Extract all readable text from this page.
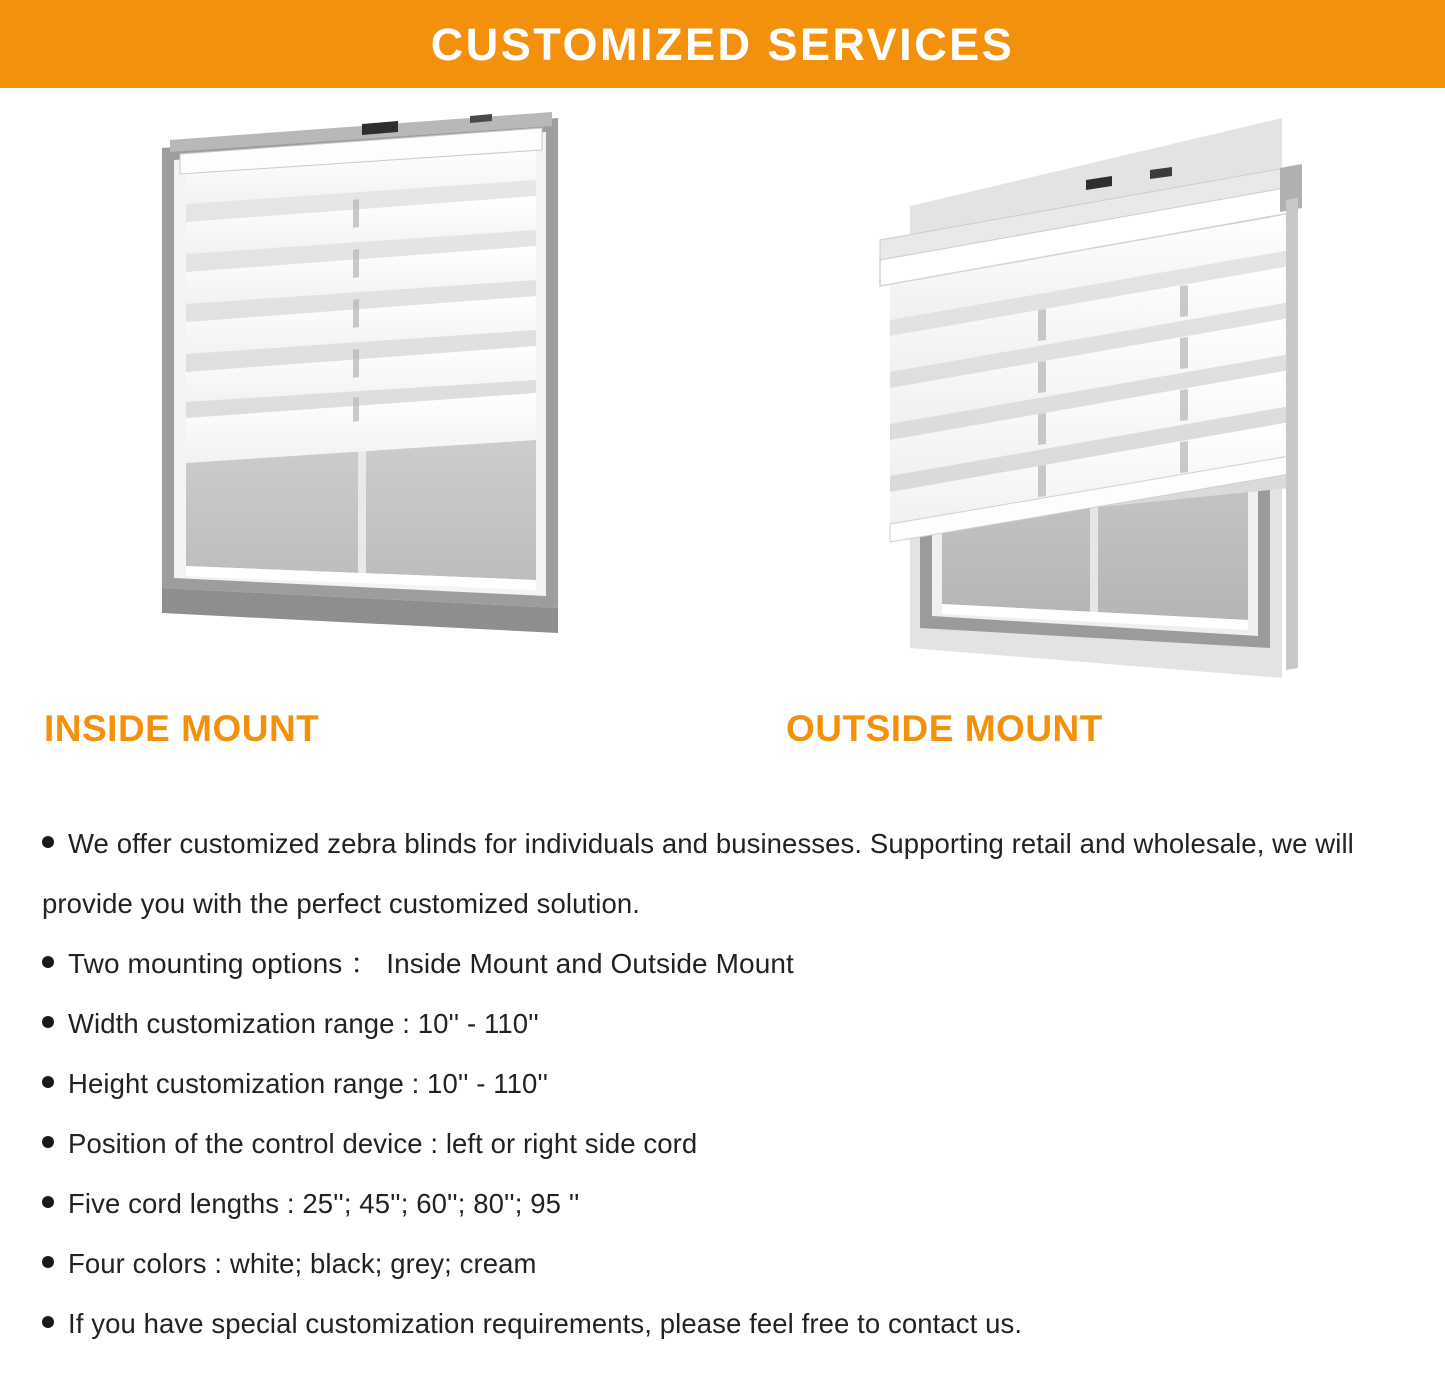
CUSTOMIZED SERVICES
INSIDE MOUNT	OUTSIDE MOUNT
We offer customized zebra blinds for individuals and businesses. Supporting retail and wholesale, we will provide you with the perfect customized solution.
Two mounting options ： Inside Mount and Outside Mount
Width customization range : 10'' - 110''
Height customization range : 10'' - 110''
Position of the control device : left or right side cord
Five cord lengths : 25''; 45''; 60''; 80''; 95 ''
Four colors : white; black; grey; cream
If you have special customization requirements, please feel free to contact us.
